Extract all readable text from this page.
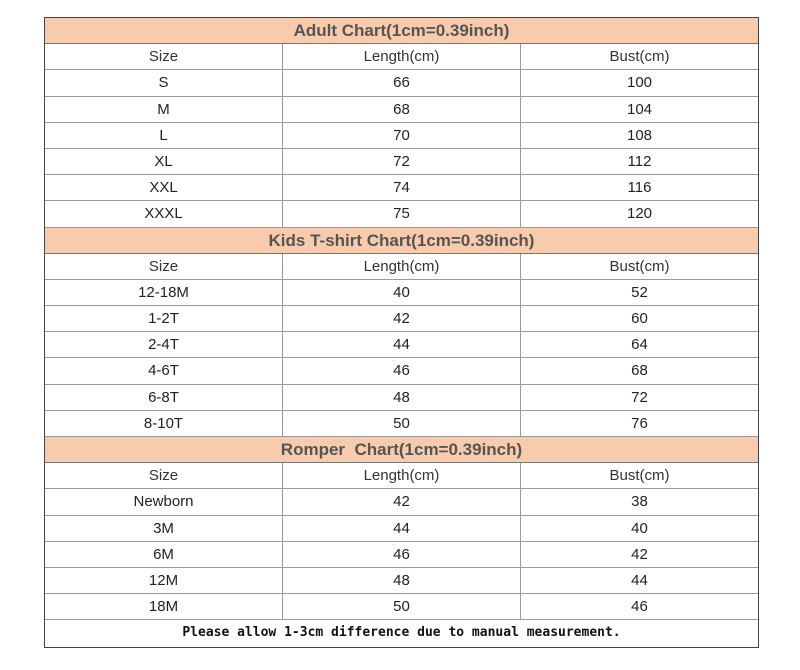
Adult Chart(1cm=0.39inch)
Size	Length(cm)	Bust(cm)
S	66	100
M	68	104
L	70	108
XL	72	112
XXL	74	116
XXXL	75	120
Kids T-shirt Chart(1cm=0.39inch)
Size	Length(cm)	Bust(cm)
12-18M	40	52
1-2T	42	60
2-4T	44	64
4-6T	46	68
6-8T	48	72
8-10T	50	76
Romper  Chart(1cm=0.39inch)
Size	Length(cm)	Bust(cm)
Newborn	42	38
3M	44	40
6M	46	42
12M	48	44
18M	50	46
Please allow 1-3cm difference due to manual measurement.
